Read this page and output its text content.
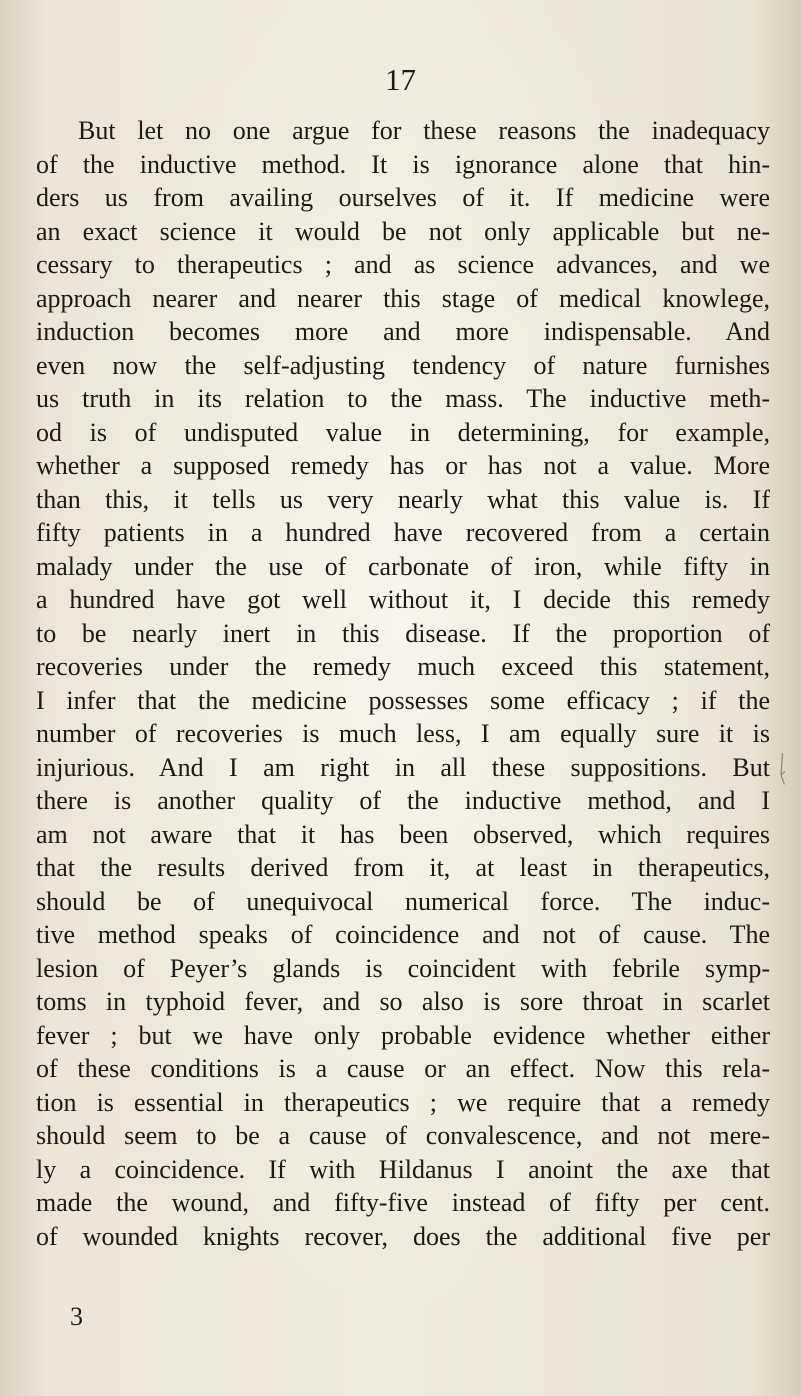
17
But let no one argue for these reasons the inadequacy
of the inductive method. It is ignorance alone that hin-
ders us from availing ourselves of it. If medicine were
an exact science it would be not only applicable but ne-
cessary to therapeutics ; and as science advances, and we
approach nearer and nearer this stage of medical knowlege,
induction becomes more and more indispensable. And
even now the self-adjusting tendency of nature furnishes
us truth in its relation to the mass. The inductive meth-
od is of undisputed value in determining, for example,
whether a supposed remedy has or has not a value. More
than this, it tells us very nearly what this value is. If
fifty patients in a hundred have recovered from a certain
malady under the use of carbonate of iron, while fifty in
a hundred have got well without it, I decide this remedy
to be nearly inert in this disease. If the proportion of
recoveries under the remedy much exceed this statement,
I infer that the medicine possesses some efficacy ; if the
number of recoveries is much less, I am equally sure it is
injurious. And I am right in all these suppositions. But
there is another quality of the inductive method, and I
am not aware that it has been observed, which requires
that the results derived from it, at least in therapeutics,
should be of unequivocal numerical force. The induc-
tive method speaks of coincidence and not of cause. The
lesion of Peyer’s glands is coincident with febrile symp-
toms in typhoid fever, and so also is sore throat in scarlet
fever ; but we have only probable evidence whether either
of these conditions is a cause or an effect. Now this rela-
tion is essential in therapeutics ; we require that a remedy
should seem to be a cause of convalescence, and not mere-
ly a coincidence. If with Hildanus I anoint the axe that
made the wound, and fifty-five instead of fifty per cent.
of wounded knights recover, does the additional five per
3
